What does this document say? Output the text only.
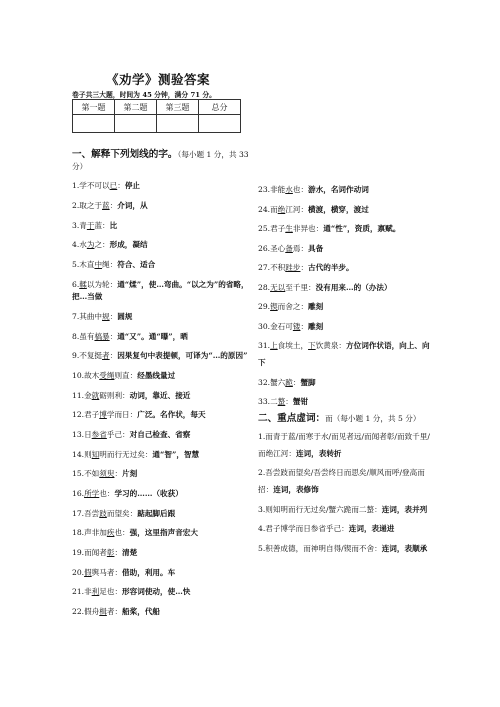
《劝学》测验答案
卷子共三大题，时间为 45 分钟，满分 71 分。
第一题	第二题	第三题	总分

一、解释下列划线的字。（每小题 1 分，共 33 分）

1.学不可以已：停止

2.取之于蓝：介词，从

3.青于蓝：比

4.水为之：形成，凝结

5.木直中绳：符合、适合

6.輮以为轮：通“煣”，使…弯曲。“以之为”的省略，把…当做

7.其曲中规：圆规

8.虽有槁暴：通“又”。通“曝”，晒

9.不复挺者：因果复句中表提顿，可译为“…的原因”

10.故木受绳则直：经墨线量过

11.金就砺则利：动词，靠近、接近

12.君子博学而日：广泛。名作状，每天

13.日参省乎己：对自己检查、省察

14.则知明而行无过矣：通“智”，智慧

15.不如须臾：片刻

16.所学也：学习的……（收获）

17.吾尝跂而望矣：踮起脚后跟

18.声非加疾也：强，这里指声音宏大

19.而闻者彰：清楚

20.假舆马者：借助，利用。车

21.非利足也：形容词使动，使…快

22.假舟楫者：船桨，代船

23.非能水也：游水，名词作动词

24.而绝江河：横渡，横穿，渡过

25.君子生非异也：通“性”，资质，禀赋。

26.圣心备焉：具备

27.不积跬步：古代的半步。

28.无以至千里：没有用来…的（办法）

29.锲而舍之：雕刻

30.金石可镂：雕刻

31.上食埃土，下饮黄泉：方位词作状语，向上、向下

32.蟹六跪：蟹脚

33.二螯：蟹钳

二、重点虚词：而（每小题 1 分，共 5 分）

1.而青于蓝/而寒于水/而见者远/而闻者彰/而致千里/而绝江河：连词，表转折

2.吾尝跂而望矣/吾尝终日而思矣/顺风而呼/登高而招：连词，表修饰

3.则知明而行无过矣/蟹六跪而二螯：连词，表并列

4.君子博学而日参省乎己：连词，表递进

5.积善成德，而神明自得/锲而不舍：连词，表顺承
